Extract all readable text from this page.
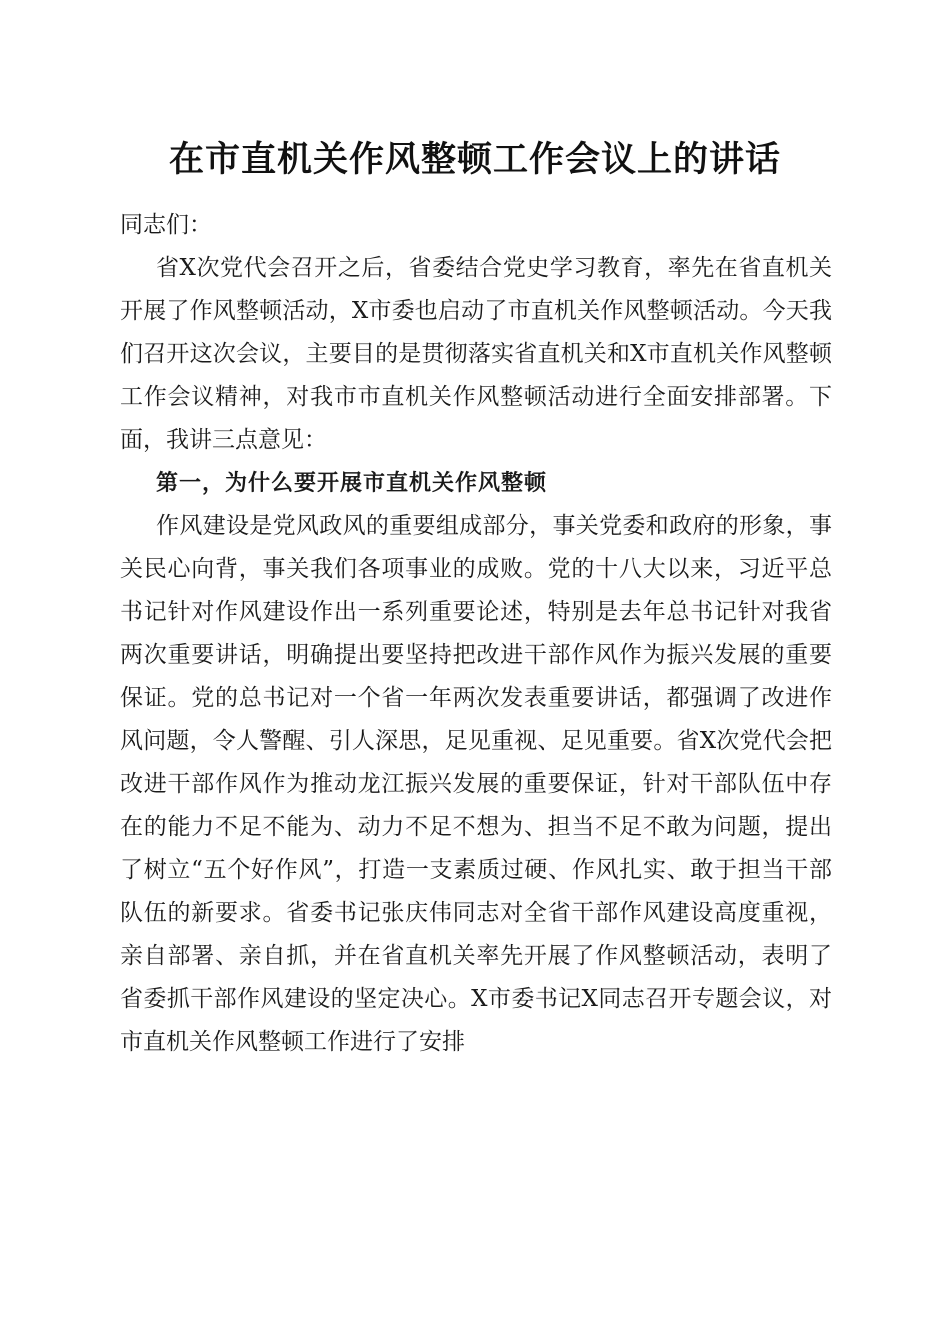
在市直机关作风整顿工作会议上的讲话

同志们：

省X次党代会召开之后，省委结合党史学习教育，率先在省直机关开展了作风整顿活动，X市委也启动了市直机关作风整顿活动。今天我们召开这次会议，主要目的是贯彻落实省直机关和X市直机关作风整顿工作会议精神，对我市市直机关作风整顿活动进行全面安排部署。下面，我讲三点意见：

第一，为什么要开展市直机关作风整顿

作风建设是党风政风的重要组成部分，事关党委和政府的形象，事关民心向背，事关我们各项事业的成败。党的十八大以来，习近平总书记针对作风建设作出一系列重要论述，特别是去年总书记针对我省两次重要讲话，明确提出要坚持把改进干部作风作为振兴发展的重要保证。党的总书记对一个省一年两次发表重要讲话，都强调了改进作风问题，令人警醒、引人深思，足见重视、足见重要。省X次党代会把改进干部作风作为推动龙江振兴发展的重要保证，针对干部队伍中存在的能力不足不能为、动力不足不想为、担当不足不敢为问题，提出了树立“五个好作风”，打造一支素质过硬、作风扎实、敢于担当干部队伍的新要求。省委书记张庆伟同志对全省干部作风建设高度重视，亲自部署、亲自抓，并在省直机关率先开展了作风整顿活动，表明了省委抓干部作风建设的坚定决心。X市委书记X同志召开专题会议，对市直机关作风整顿工作进行了安排
